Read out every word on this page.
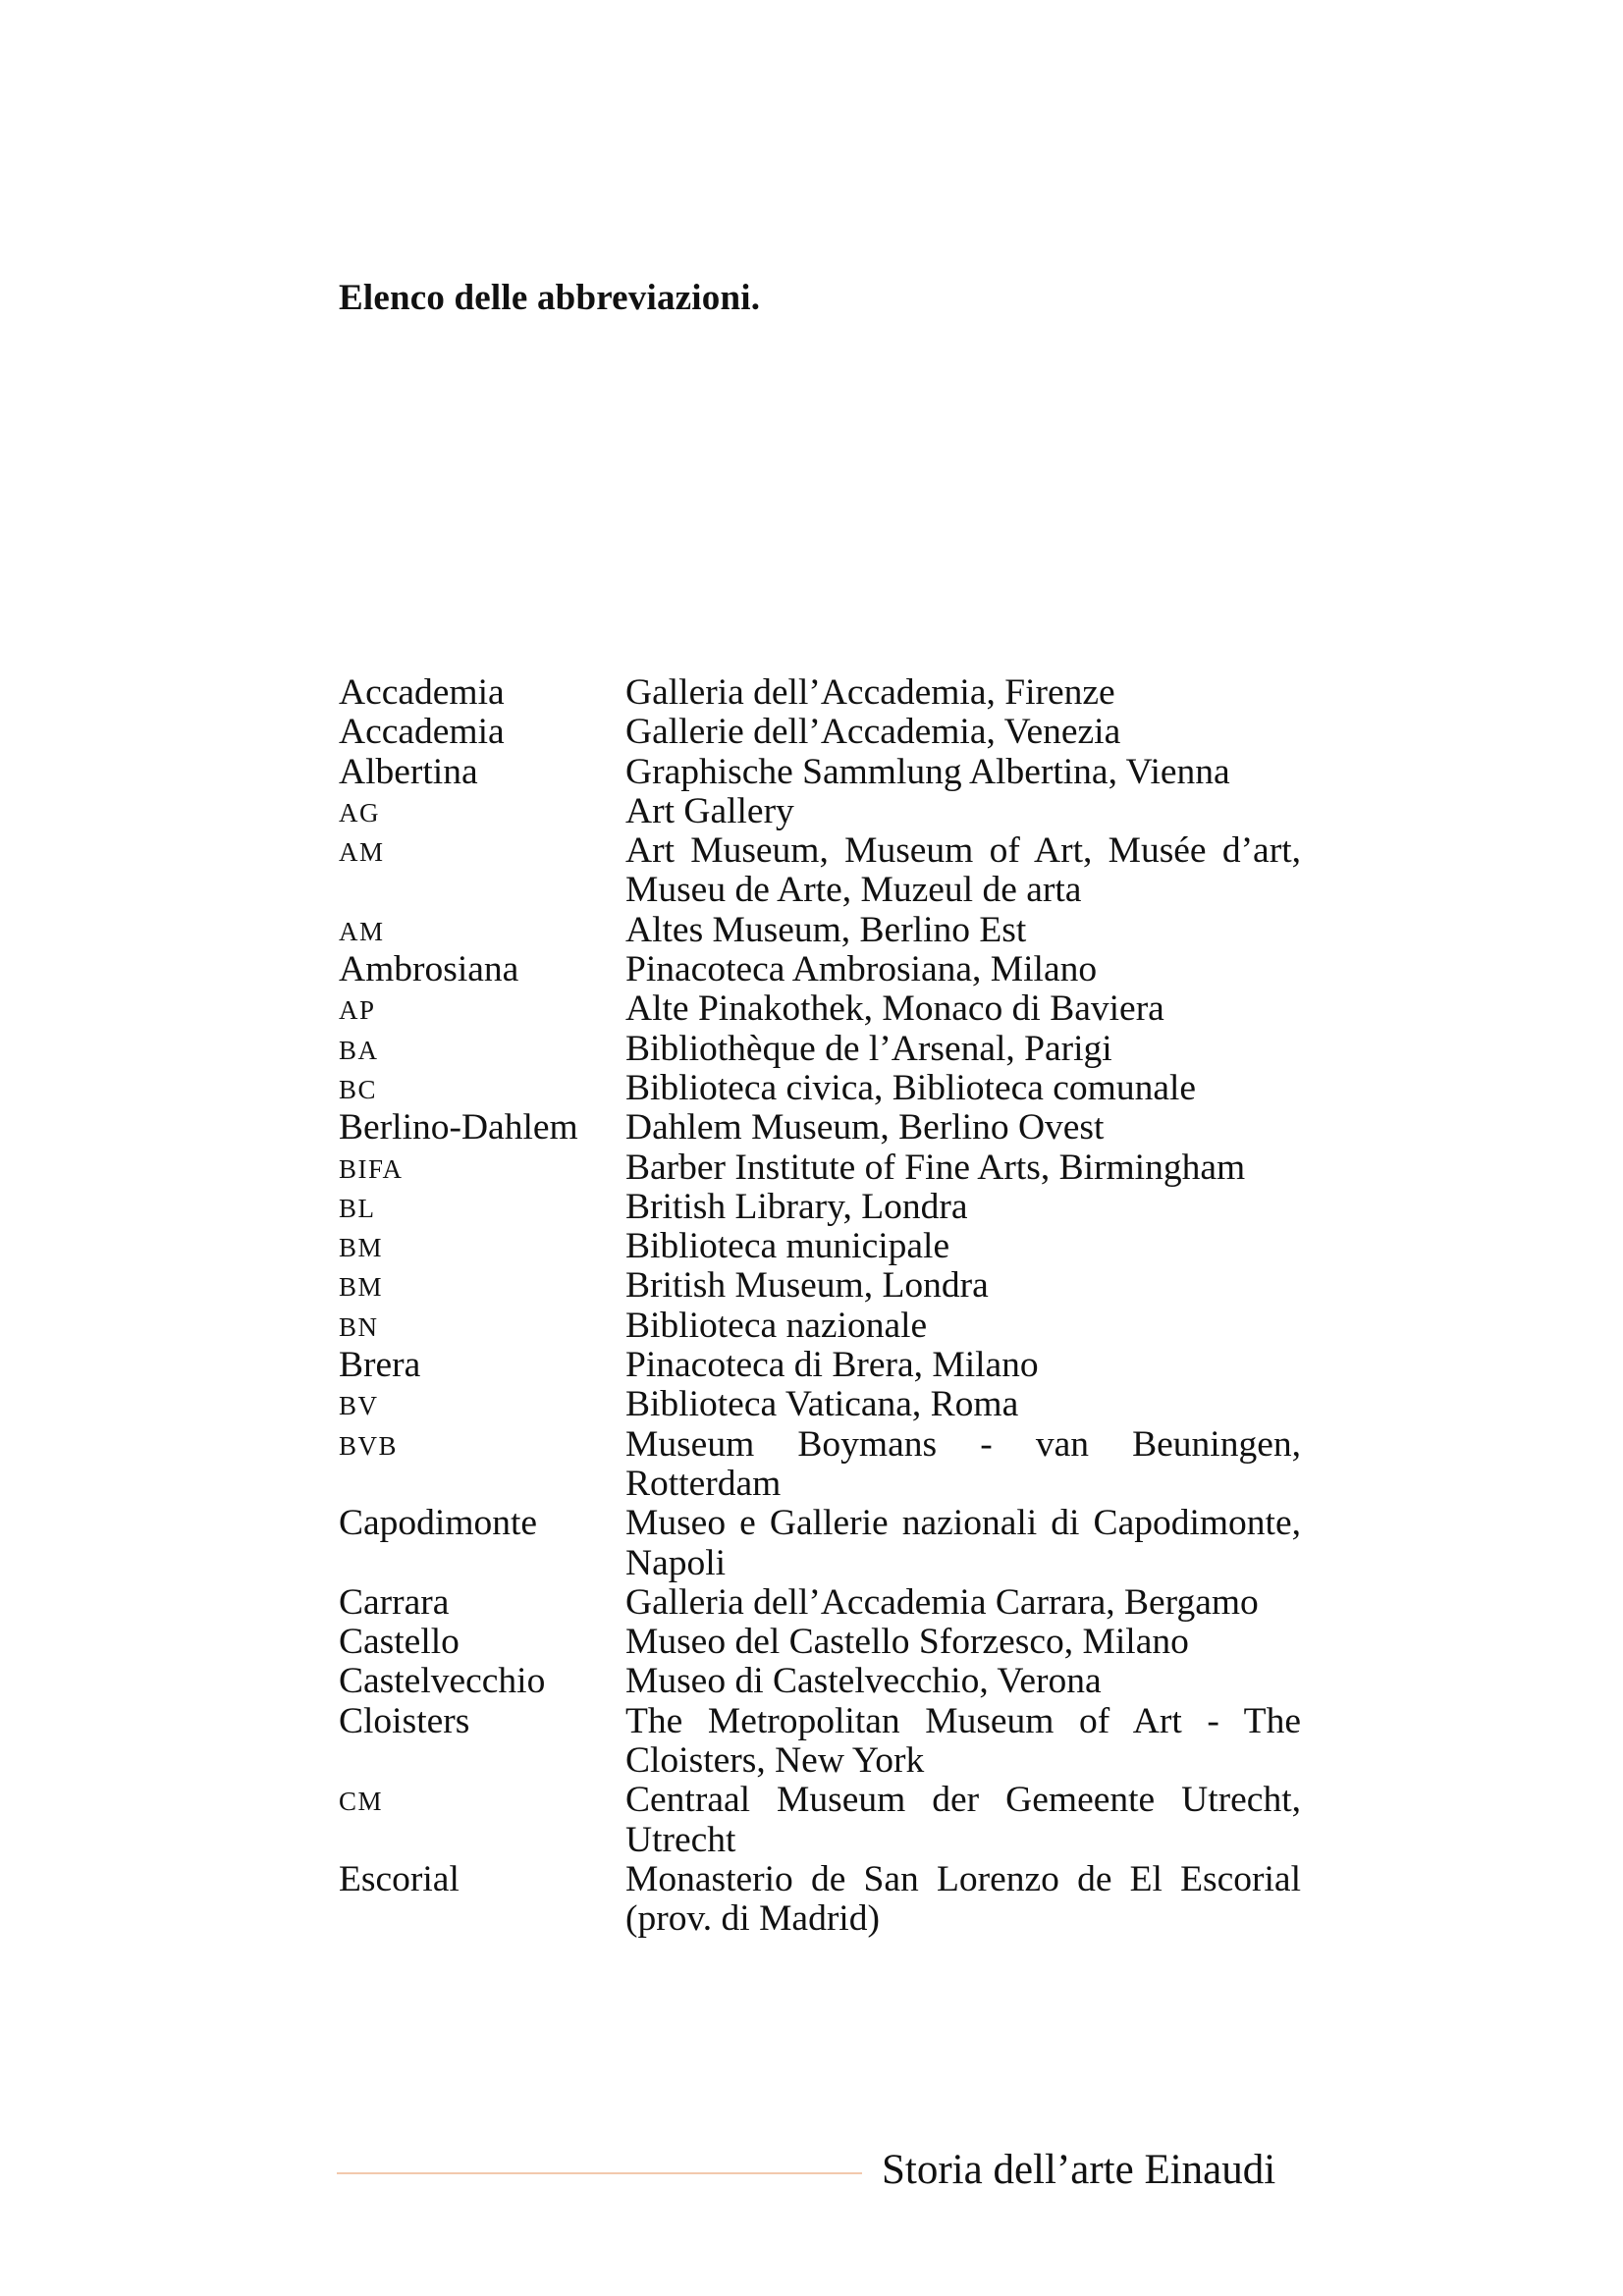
Elenco delle abbreviazioni.
Accademia	Galleria dell’Accademia, Firenze
Accademia	Gallerie dell’Accademia, Venezia
Albertina	Graphische Sammlung Albertina, Vienna
AG	Art Gallery
AM	Art Museum, Museum of Art, Musée d’art, Museu de Arte, Muzeul de arta
AM	Altes Museum, Berlino Est
Ambrosiana	Pinacoteca Ambrosiana, Milano
AP	Alte Pinakothek, Monaco di Baviera
BA	Bibliothèque de l’Arsenal, Parigi
BC	Biblioteca civica, Biblioteca comunale
Berlino-Dahlem	Dahlem Museum, Berlino Ovest
BIFA	Barber Institute of Fine Arts, Birmingham
BL	British Library, Londra
BM	Biblioteca municipale
BM	British Museum, Londra
BN	Biblioteca nazionale
Brera	Pinacoteca di Brera, Milano
BV	Biblioteca Vaticana, Roma
BVB	Museum Boymans - van Beuningen, Rotterdam
Capodimonte	Museo e Gallerie nazionali di Capodimonte, Napoli
Carrara	Galleria dell’Accademia Carrara, Bergamo
Castello	Museo del Castello Sforzesco, Milano
Castelvecchio	Museo di Castelvecchio, Verona
Cloisters	The Metropolitan Museum of Art - The Cloisters, New York
CM	Centraal Museum der Gemeente Utrecht, Utrecht
Escorial	Monasterio de San Lorenzo de El Escorial (prov. di Madrid)
Storia dell’arte Einaudi
